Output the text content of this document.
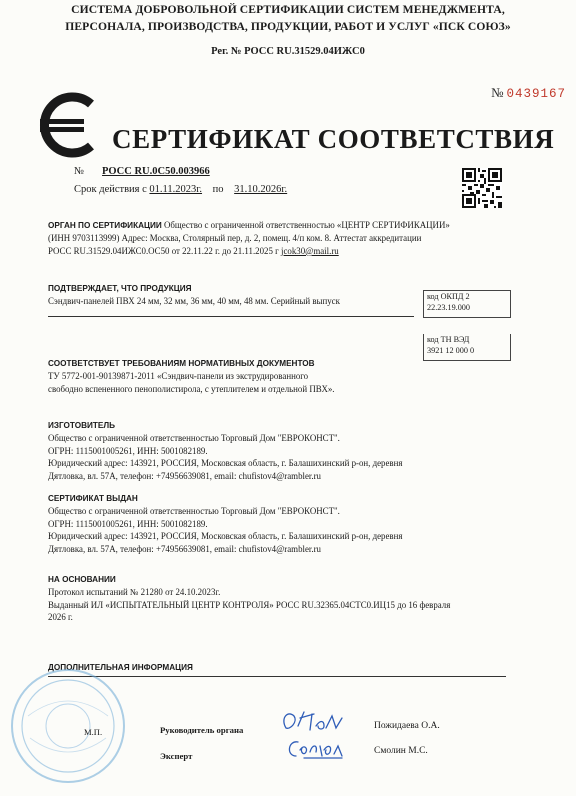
СИСТЕМА ДОБРОВОЛЬНОЙ СЕРТИФИКАЦИИ СИСТЕМ МЕНЕДЖМЕНТА,
ПЕРСОНАЛА, ПРОИЗВОДСТВА, ПРОДУКЦИИ, РАБОТ И УСЛУГ «ПСК СОЮЗ»
Рег. № РОСС RU.31529.04ИЖС0
№ 0439167
СЕРТИФИКАТ СООТВЕТСТВИЯ
№ РОСС RU.0С50.003966
Срок действия с 01.11.2023г. по 31.10.2026г.
ОРГАН ПО СЕРТИФИКАЦИИ Общество с ограниченной ответственностью «ЦЕНТР СЕРТИФИКАЦИИ»
(ИНН 9703113999) Адрес: Москва, Столярный пер, д. 2, помещ. 4/п ком. 8. Аттестат аккредитации
РОСС RU.31529.04ИЖС0.ОС50 от 22.11.22 г. до 21.11.2025 г jcok30@mail.ru
ПОДТВЕРЖДАЕТ, ЧТО ПРОДУКЦИЯ
Сэндвич-панелей ПВХ 24 мм, 32 мм, 36 мм, 40 мм, 48 мм. Серийный выпуск	код ОКПД 2
22.23.19.000
код ТН ВЭД
3921 12 000 0
СООТВЕТСТВУЕТ ТРЕБОВАНИЯМ НОРМАТИВНЫХ ДОКУМЕНТОВ
ТУ 5772-001-90139871-2011 «Сэндвич-панели из экструдированного
свободно вспененного пенополистирола, с утеплителем и отдельной ПВХ».
ИЗГОТОВИТЕЛЬ
Общество с ограниченной ответственностью Торговый Дом "ЕВРОКОНСТ".
ОГРН: 1115001005261, ИНН: 5001082189.
Юридический адрес: 143921, РОССИЯ, Московская область, г. Балашихинский р-он, деревня
Дятловка, вл. 57А, телефон: +74956639081, email: chufistov4@rambler.ru
СЕРТИФИКАТ ВЫДАН
Общество с ограниченной ответственностью Торговый Дом "ЕВРОКОНСТ".
ОГРН: 1115001005261, ИНН: 5001082189.
Юридический адрес: 143921, РОССИЯ, Московская область, г. Балашихинский р-он, деревня
Дятловка, вл. 57А, телефон: +74956639081, email: chufistov4@rambler.ru
НА ОСНОВАНИИ
Протокол испытаний № 21280 от 24.10.2023г.
Выданный ИЛ «ИСПЫТАТЕЛЬНЫЙ ЦЕНТР КОНТРОЛЯ» РОСС RU.32365.04СТС0.ИЦ15 до 16 февраля
2026 г.
ДОПОЛНИТЕЛЬНАЯ ИНФОРМАЦИЯ
М.П.	Руководитель органа	Пожидаева О.А.
Эксперт	Смолин М.С.
